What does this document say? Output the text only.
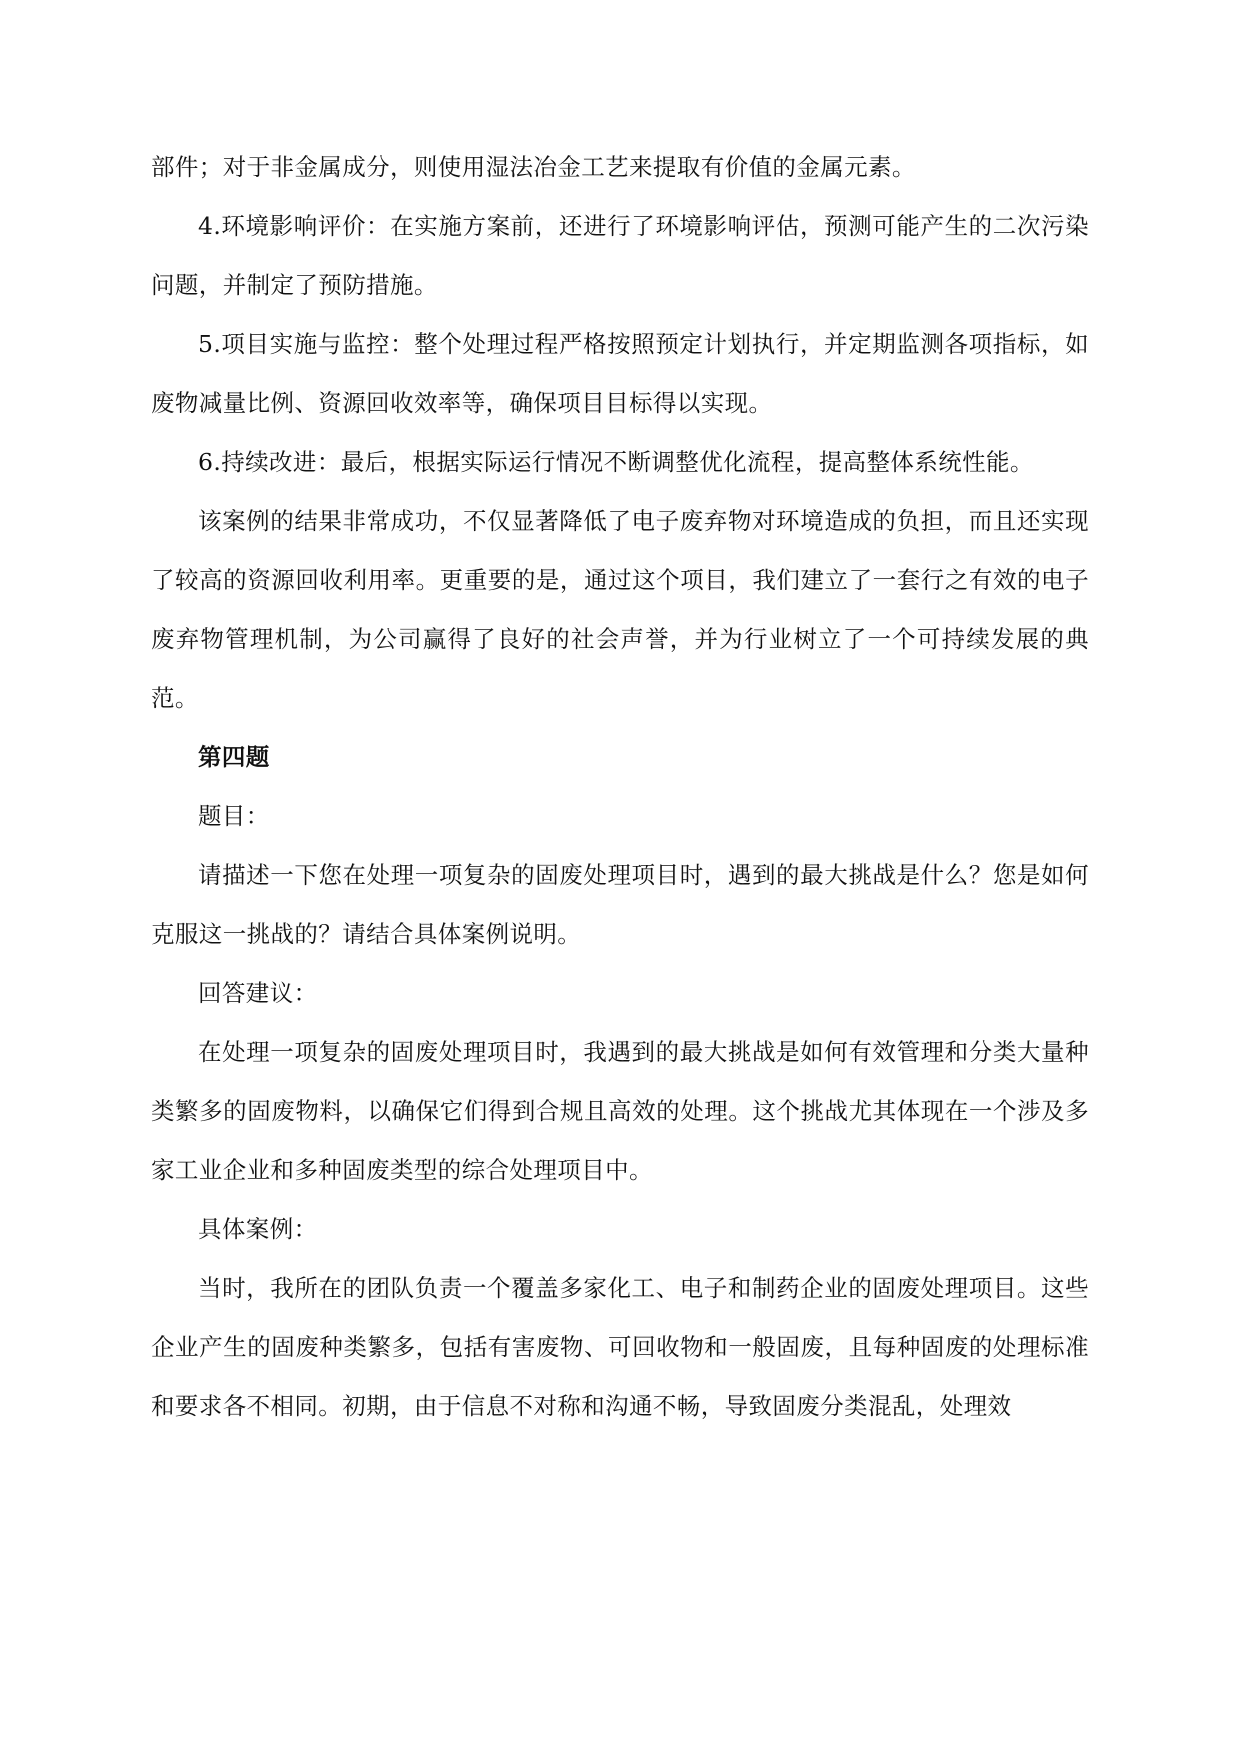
部件；对于非金属成分，则使用湿法冶金工艺来提取有价值的金属元素。

4.环境影响评价：在实施方案前，还进行了环境影响评估，预测可能产生的二次污染问题，并制定了预防措施。

5.项目实施与监控：整个处理过程严格按照预定计划执行，并定期监测各项指标，如废物减量比例、资源回收效率等，确保项目目标得以实现。

6.持续改进：最后，根据实际运行情况不断调整优化流程，提高整体系统性能。

该案例的结果非常成功，不仅显著降低了电子废弃物对环境造成的负担，而且还实现了较高的资源回收利用率。更重要的是，通过这个项目，我们建立了一套行之有效的电子废弃物管理机制，为公司赢得了良好的社会声誉，并为行业树立了一个可持续发展的典范。

第四题

题目：

请描述一下您在处理一项复杂的固废处理项目时，遇到的最大挑战是什么？您是如何克服这一挑战的？请结合具体案例说明。

回答建议：

在处理一项复杂的固废处理项目时，我遇到的最大挑战是如何有效管理和分类大量种类繁多的固废物料，以确保它们得到合规且高效的处理。这个挑战尤其体现在一个涉及多家工业企业和多种固废类型的综合处理项目中。

具体案例：

当时，我所在的团队负责一个覆盖多家化工、电子和制药企业的固废处理项目。这些企业产生的固废种类繁多，包括有害废物、可回收物和一般固废，且每种固废的处理标准和要求各不相同。初期，由于信息不对称和沟通不畅，导致固废分类混乱，处理效
